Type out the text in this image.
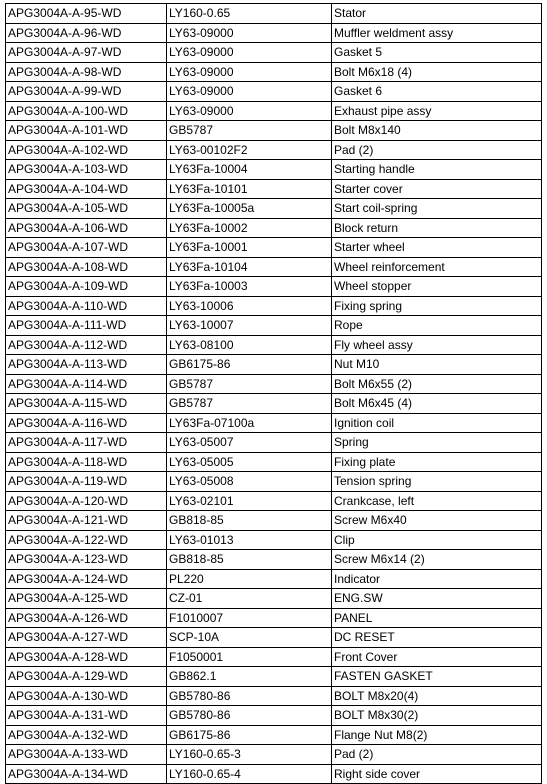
APG3004A-A-95-WD	LY160-0.65	Stator
APG3004A-A-96-WD	LY63-09000	Muffler weldment assy
APG3004A-A-97-WD	LY63-09000	Gasket 5
APG3004A-A-98-WD	LY63-09000	Bolt M6x18 (4)
APG3004A-A-99-WD	LY63-09000	Gasket 6
APG3004A-A-100-WD	LY63-09000	Exhaust pipe assy
APG3004A-A-101-WD	GB5787	Bolt M8x140
APG3004A-A-102-WD	LY63-00102F2	Pad (2)
APG3004A-A-103-WD	LY63Fa-10004	Starting handle
APG3004A-A-104-WD	LY63Fa-10101	Starter cover
APG3004A-A-105-WD	LY63Fa-10005a	Start coil-spring
APG3004A-A-106-WD	LY63Fa-10002	Block return
APG3004A-A-107-WD	LY63Fa-10001	Starter wheel
APG3004A-A-108-WD	LY63Fa-10104	Wheel reinforcement
APG3004A-A-109-WD	LY63Fa-10003	Wheel stopper
APG3004A-A-110-WD	LY63-10006	Fixing spring
APG3004A-A-111-WD	LY63-10007	Rope
APG3004A-A-112-WD	LY63-08100	Fly wheel assy
APG3004A-A-113-WD	GB6175-86	Nut M10
APG3004A-A-114-WD	GB5787	Bolt M6x55 (2)
APG3004A-A-115-WD	GB5787	Bolt M6x45 (4)
APG3004A-A-116-WD	LY63Fa-07100a	Ignition coil
APG3004A-A-117-WD	LY63-05007	Spring
APG3004A-A-118-WD	LY63-05005	Fixing plate
APG3004A-A-119-WD	LY63-05008	Tension spring
APG3004A-A-120-WD	LY63-02101	Crankcase, left
APG3004A-A-121-WD	GB818-85	Screw M6x40
APG3004A-A-122-WD	LY63-01013	Clip
APG3004A-A-123-WD	GB818-85	Screw M6x14 (2)
APG3004A-A-124-WD	PL220	Indicator
APG3004A-A-125-WD	CZ-01	ENG.SW
APG3004A-A-126-WD	F1010007	PANEL
APG3004A-A-127-WD	SCP-10A	DC RESET
APG3004A-A-128-WD	F1050001	Front Cover
APG3004A-A-129-WD	GB862.1	FASTEN GASKET
APG3004A-A-130-WD	GB5780-86	BOLT M8x20(4)
APG3004A-A-131-WD	GB5780-86	BOLT M8x30(2)
APG3004A-A-132-WD	GB6175-86	Flange Nut M8(2)
APG3004A-A-133-WD	LY160-0.65-3	Pad (2)
APG3004A-A-134-WD	LY160-0.65-4	Right side cover
